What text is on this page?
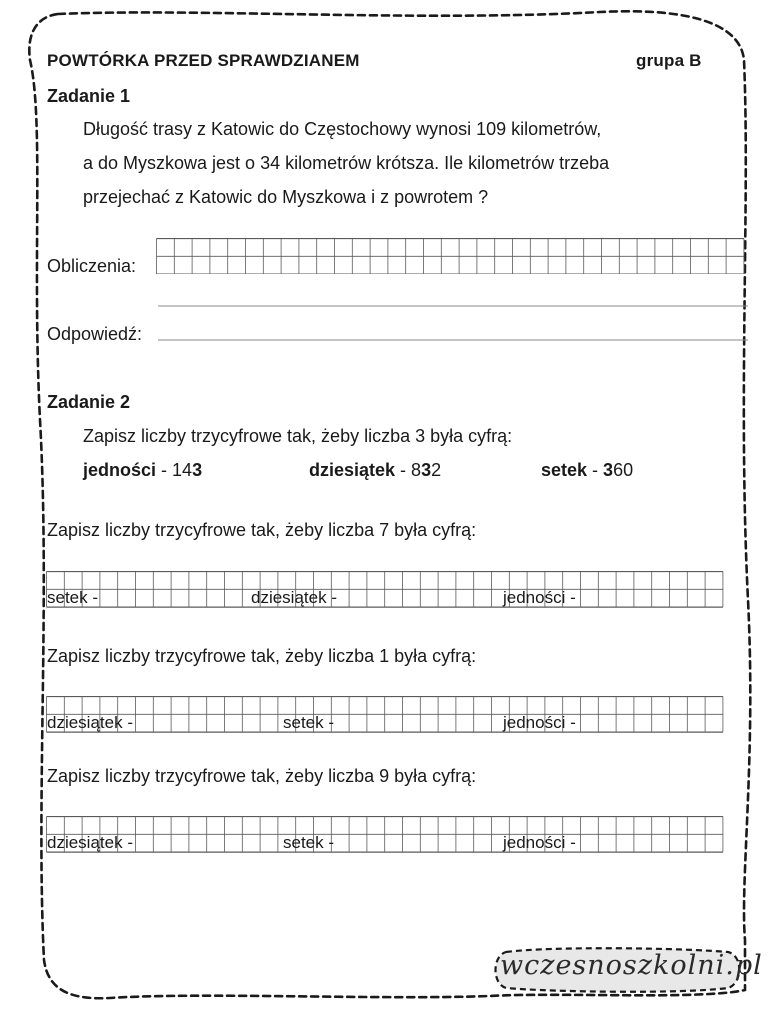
POWTÓRKA PRZED SPRAWDZIANEM	grupa B
Zadanie 1
Długość trasy z Katowic do Częstochowy wynosi 109 kilometrów,
a do Myszkowa jest o 34 kilometrów krótsza. Ile kilometrów trzeba
przejechać z Katowic do Myszkowa i z powrotem ?
Obliczenia:
Odpowiedź:
Zadanie 2
Zapisz liczby trzycyfrowe tak, żeby liczba 3 była cyfrą:
jedności - 143	dziesiątek - 832	setek - 360
Zapisz liczby trzycyfrowe tak, żeby liczba 7 była cyfrą:
setek -	dziesiątek -	jedności -
Zapisz liczby trzycyfrowe tak, żeby liczba 1 była cyfrą:
dziesiątek -	setek -	jedności -
Zapisz liczby trzycyfrowe tak, żeby liczba 9 była cyfrą:
dziesiątek -	setek -	jedności -
wczesnoszkolni.pl
